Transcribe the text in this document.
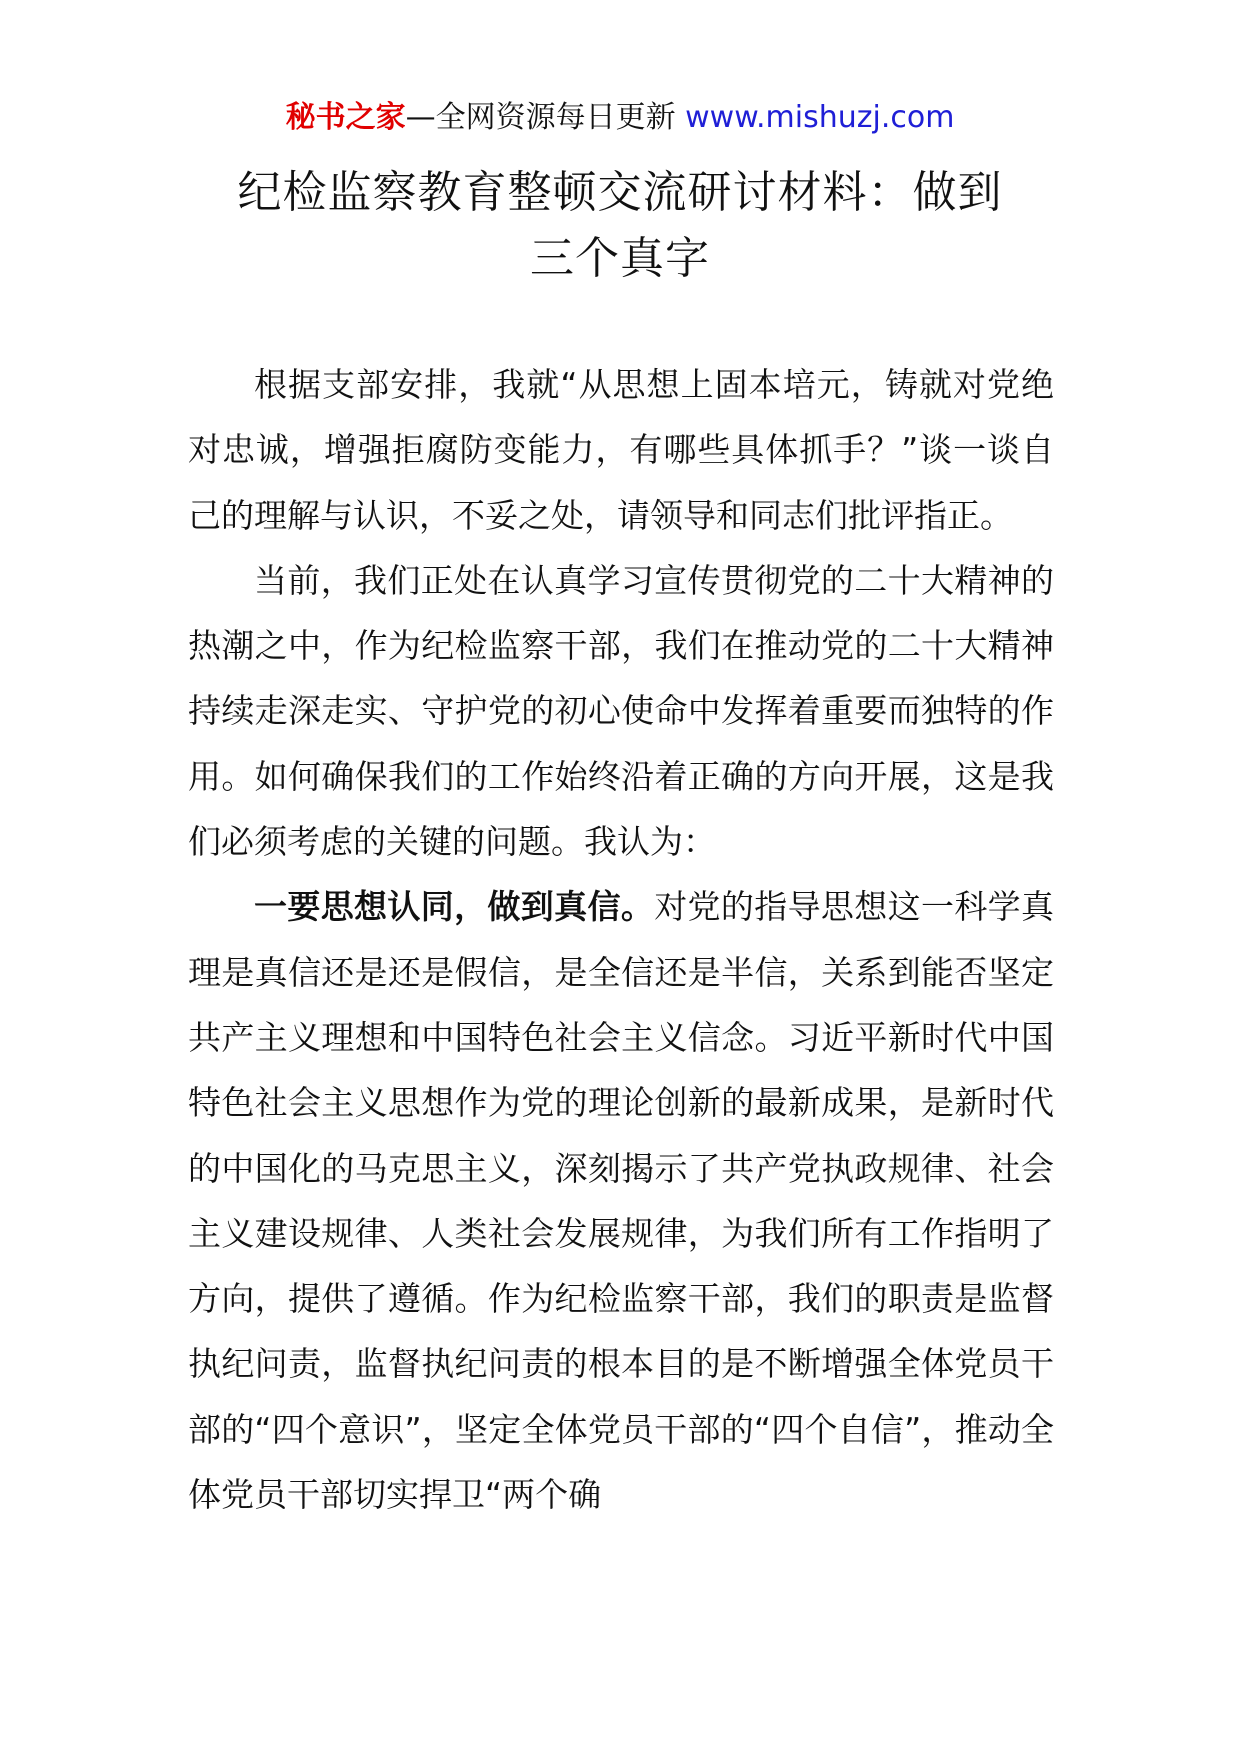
秘书之家—全网资源每日更新 www.mishuzj.com
纪检监察教育整顿交流研讨材料：做到
三个真字

根据支部安排，我就“从思想上固本培元，铸就对党绝对忠诚，增强拒腐防变能力，有哪些具体抓手？”谈一谈自己的理解与认识，不妥之处，请领导和同志们批评指正。

当前，我们正处在认真学习宣传贯彻党的二十大精神的热潮之中，作为纪检监察干部，我们在推动党的二十大精神持续走深走实、守护党的初心使命中发挥着重要而独特的作用。如何确保我们的工作始终沿着正确的方向开展，这是我们必须考虑的关键的问题。我认为：

一要思想认同，做到真信。对党的指导思想这一科学真理是真信还是还是假信，是全信还是半信，关系到能否坚定共产主义理想和中国特色社会主义信念。习近平新时代中国特色社会主义思想作为党的理论创新的最新成果，是新时代的中国化的马克思主义，深刻揭示了共产党执政规律、社会主义建设规律、人类社会发展规律，为我们所有工作指明了方向，提供了遵循。作为纪检监察干部，我们的职责是监督执纪问责，监督执纪问责的根本目的是不断增强全体党员干部的“四个意识”，坚定全体党员干部的“四个自信”，推动全体党员干部切实捍卫“两个确
